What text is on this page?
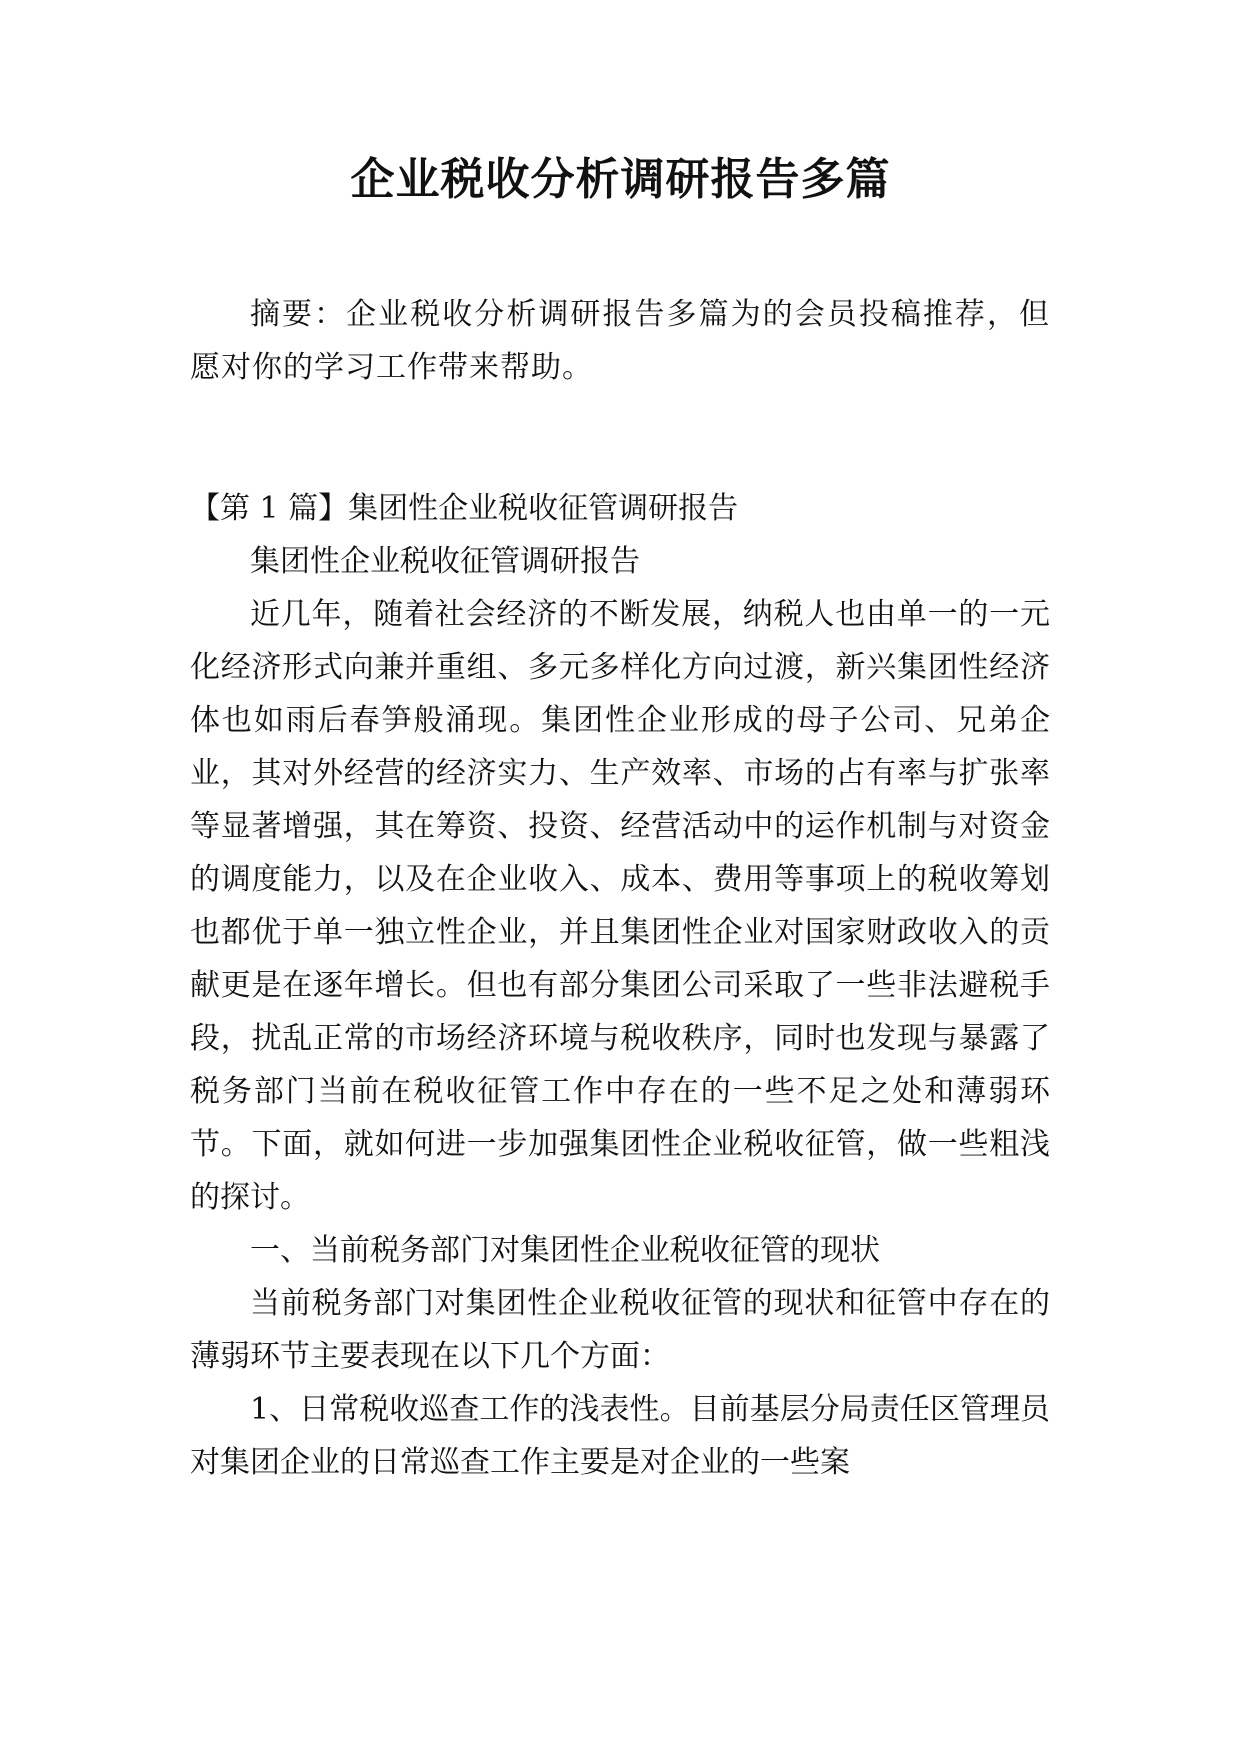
企业税收分析调研报告多篇

摘要：企业税收分析调研报告多篇为的会员投稿推荐，但愿对你的学习工作带来帮助。

【第 1 篇】集团性企业税收征管调研报告

集团性企业税收征管调研报告

近几年，随着社会经济的不断发展，纳税人也由单一的一元化经济形式向兼并重组、多元多样化方向过渡，新兴集团性经济体也如雨后春笋般涌现。集团性企业形成的母子公司、兄弟企业，其对外经营的经济实力、生产效率、市场的占有率与扩张率等显著增强，其在筹资、投资、经营活动中的运作机制与对资金的调度能力，以及在企业收入、成本、费用等事项上的税收筹划也都优于单一独立性企业，并且集团性企业对国家财政收入的贡献更是在逐年增长。但也有部分集团公司采取了一些非法避税手段，扰乱正常的市场经济环境与税收秩序，同时也发现与暴露了税务部门当前在税收征管工作中存在的一些不足之处和薄弱环节。下面，就如何进一步加强集团性企业税收征管，做一些粗浅的探讨。

一、当前税务部门对集团性企业税收征管的现状

当前税务部门对集团性企业税收征管的现状和征管中存在的薄弱环节主要表现在以下几个方面：

1、日常税收巡查工作的浅表性。目前基层分局责任区管理员对集团企业的日常巡查工作主要是对企业的一些案
